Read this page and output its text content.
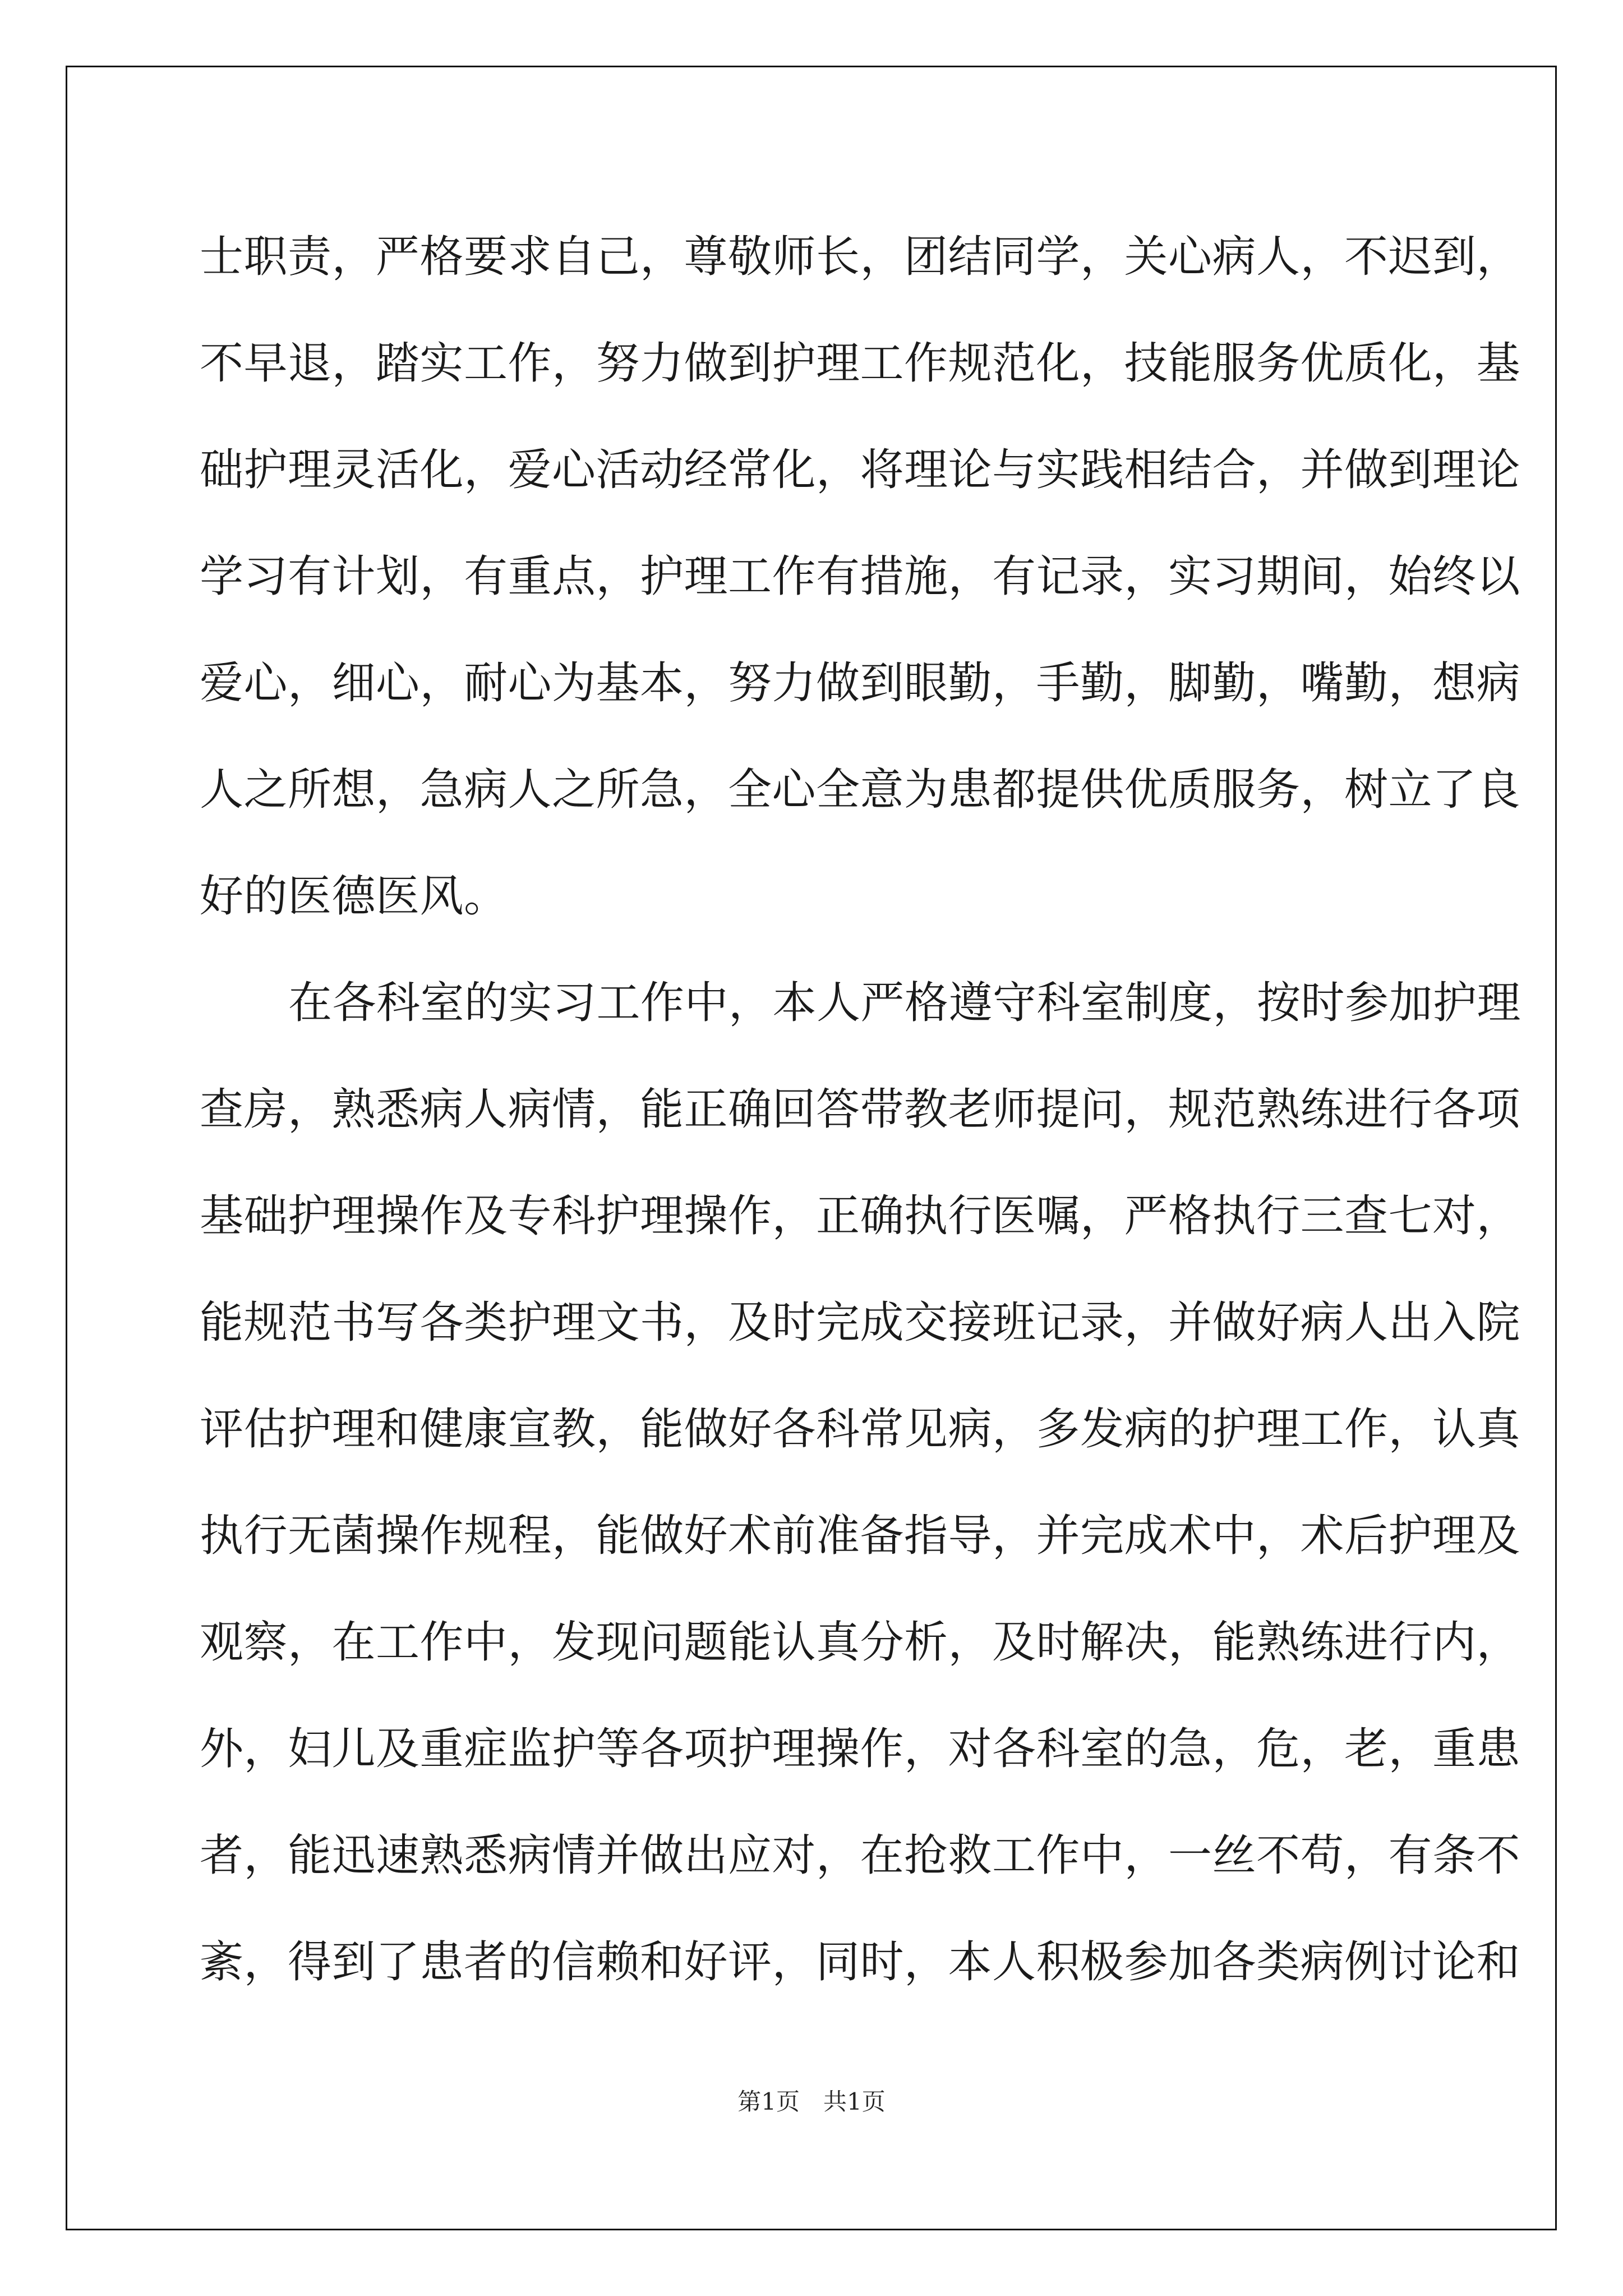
士职责，严格要求自己，尊敬师长，团结同学，关心病人，不迟到，
不早退，踏实工作，努力做到护理工作规范化，技能服务优质化，基
础护理灵活化，爱心活动经常化，将理论与实践相结合，并做到理论
学习有计划，有重点，护理工作有措施，有记录，实习期间，始终以
爱心，细心，耐心为基本，努力做到眼勤，手勤，脚勤，嘴勤，想病
人之所想，急病人之所急，全心全意为患都提供优质服务，树立了良
好的医德医风。

在各科室的实习工作中，本人严格遵守科室制度，按时参加护理
查房，熟悉病人病情，能正确回答带教老师提问，规范熟练进行各项
基础护理操作及专科护理操作，正确执行医嘱，严格执行三查七对，
能规范书写各类护理文书，及时完成交接班记录，并做好病人出入院
评估护理和健康宣教，能做好各科常见病，多发病的护理工作，认真
执行无菌操作规程，能做好术前准备指导，并完成术中，术后护理及
观察，在工作中，发现问题能认真分析，及时解决，能熟练进行内，
外，妇儿及重症监护等各项护理操作，对各科室的急，危，老，重患
者，能迅速熟悉病情并做出应对，在抢救工作中，一丝不苟，有条不
紊，得到了患者的信赖和好评，同时，本人积极参加各类病例讨论和

第1页　共1页
